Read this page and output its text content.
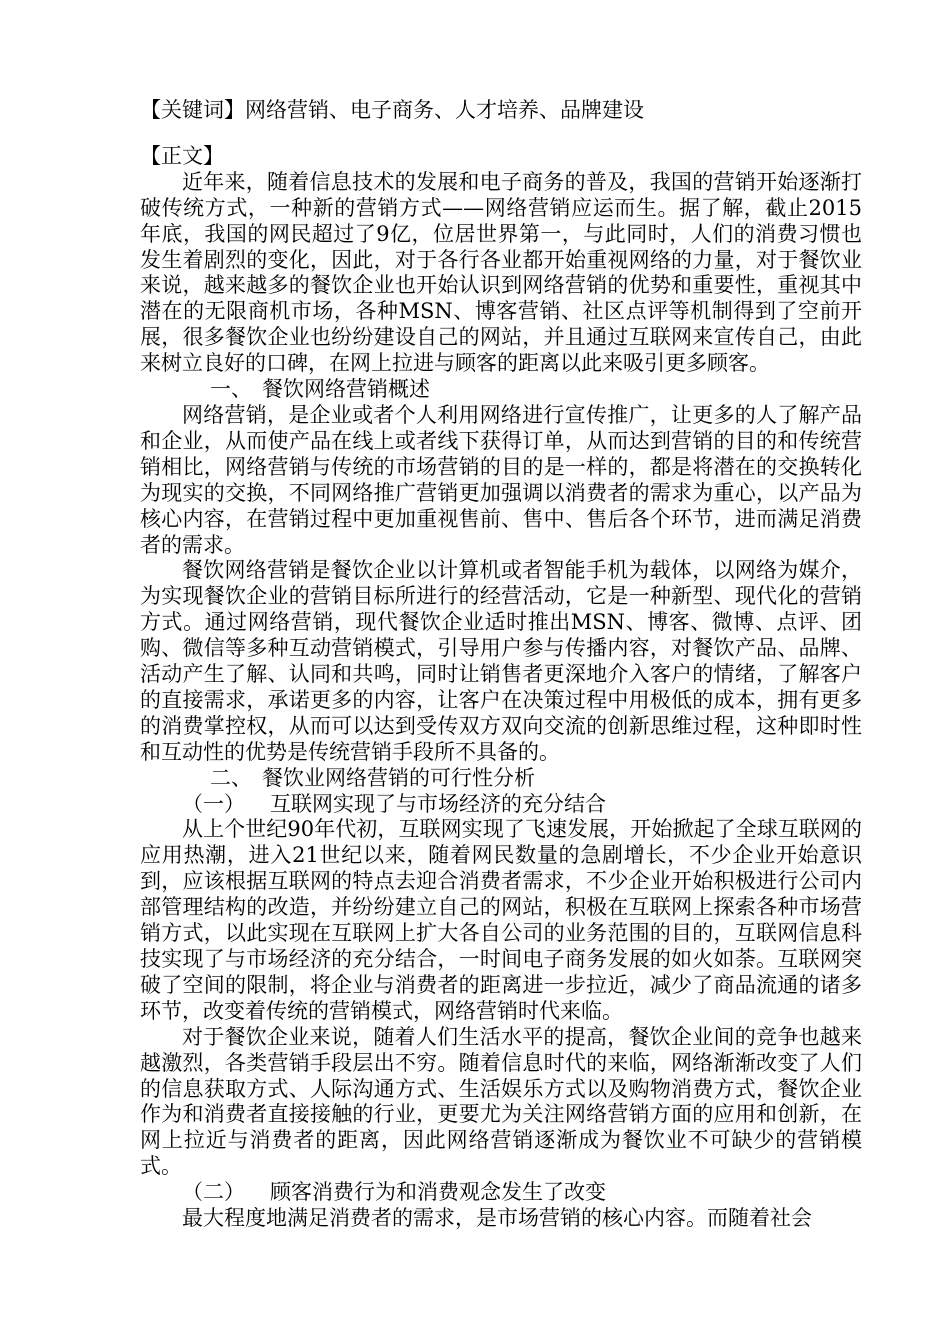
【关键词】网络营销、电子商务、人才培养、品牌建设

【正文】

近年来，随着信息技术的发展和电子商务的普及，我国的营销开始逐渐打破传统方式，一种新的营销方式——网络营销应运而生。据了解，截止2015年底，我国的网民超过了9亿，位居世界第一，与此同时，人们的消费习惯也发生着剧烈的变化，因此，对于各行各业都开始重视网络的力量，对于餐饮业来说，越来越多的餐饮企业也开始认识到网络营销的优势和重要性，重视其中潜在的无限商机市场，各种MSN、博客营销、社区点评等机制得到了空前开展，很多餐饮企业也纷纷建设自己的网站，并且通过互联网来宣传自己，由此来树立良好的口碑，在网上拉进与顾客的距离以此来吸引更多顾客。

一、 餐饮网络营销概述

网络营销，是企业或者个人利用网络进行宣传推广，让更多的人了解产品和企业，从而使产品在线上或者线下获得订单，从而达到营销的目的和传统营销相比，网络营销与传统的市场营销的目的是一样的，都是将潜在的交换转化为现实的交换，不同网络推广营销更加强调以消费者的需求为重心，以产品为核心内容，在营销过程中更加重视售前、售中、售后各个环节，进而满足消费者的需求。

餐饮网络营销是餐饮企业以计算机或者智能手机为载体，以网络为媒介，为实现餐饮企业的营销目标所进行的经营活动，它是一种新型、现代化的营销方式。通过网络营销，现代餐饮企业适时推出MSN、博客、微博、点评、团购、微信等多种互动营销模式，引导用户参与传播内容，对餐饮产品、品牌、活动产生了解、认同和共鸣，同时让销售者更深地介入客户的情绪，了解客户的直接需求，承诺更多的内容，让客户在决策过程中用极低的成本，拥有更多的消费掌控权，从而可以达到受传双方双向交流的创新思维过程，这种即时性和互动性的优势是传统营销手段所不具备的。

二、 餐饮业网络营销的可行性分析

（一） 互联网实现了与市场经济的充分结合

从上个世纪90年代初，互联网实现了飞速发展，开始掀起了全球互联网的应用热潮，进入21世纪以来，随着网民数量的急剧增长，不少企业开始意识到，应该根据互联网的特点去迎合消费者需求，不少企业开始积极进行公司内部管理结构的改造，并纷纷建立自己的网站，积极在互联网上探索各种市场营销方式，以此实现在互联网上扩大各自公司的业务范围的目的，互联网信息科技实现了与市场经济的充分结合，一时间电子商务发展的如火如荼。互联网突破了空间的限制，将企业与消费者的距离进一步拉近，减少了商品流通的诸多环节，改变着传统的营销模式，网络营销时代来临。

对于餐饮企业来说，随着人们生活水平的提高，餐饮企业间的竞争也越来越激烈，各类营销手段层出不穷。随着信息时代的来临，网络渐渐改变了人们的信息获取方式、人际沟通方式、生活娱乐方式以及购物消费方式，餐饮企业作为和消费者直接接触的行业，更要尤为关注网络营销方面的应用和创新，在网上拉近与消费者的距离，因此网络营销逐渐成为餐饮业不可缺少的营销模式。

（二） 顾客消费行为和消费观念发生了改变

最大程度地满足消费者的需求，是市场营销的核心内容。而随着社会
